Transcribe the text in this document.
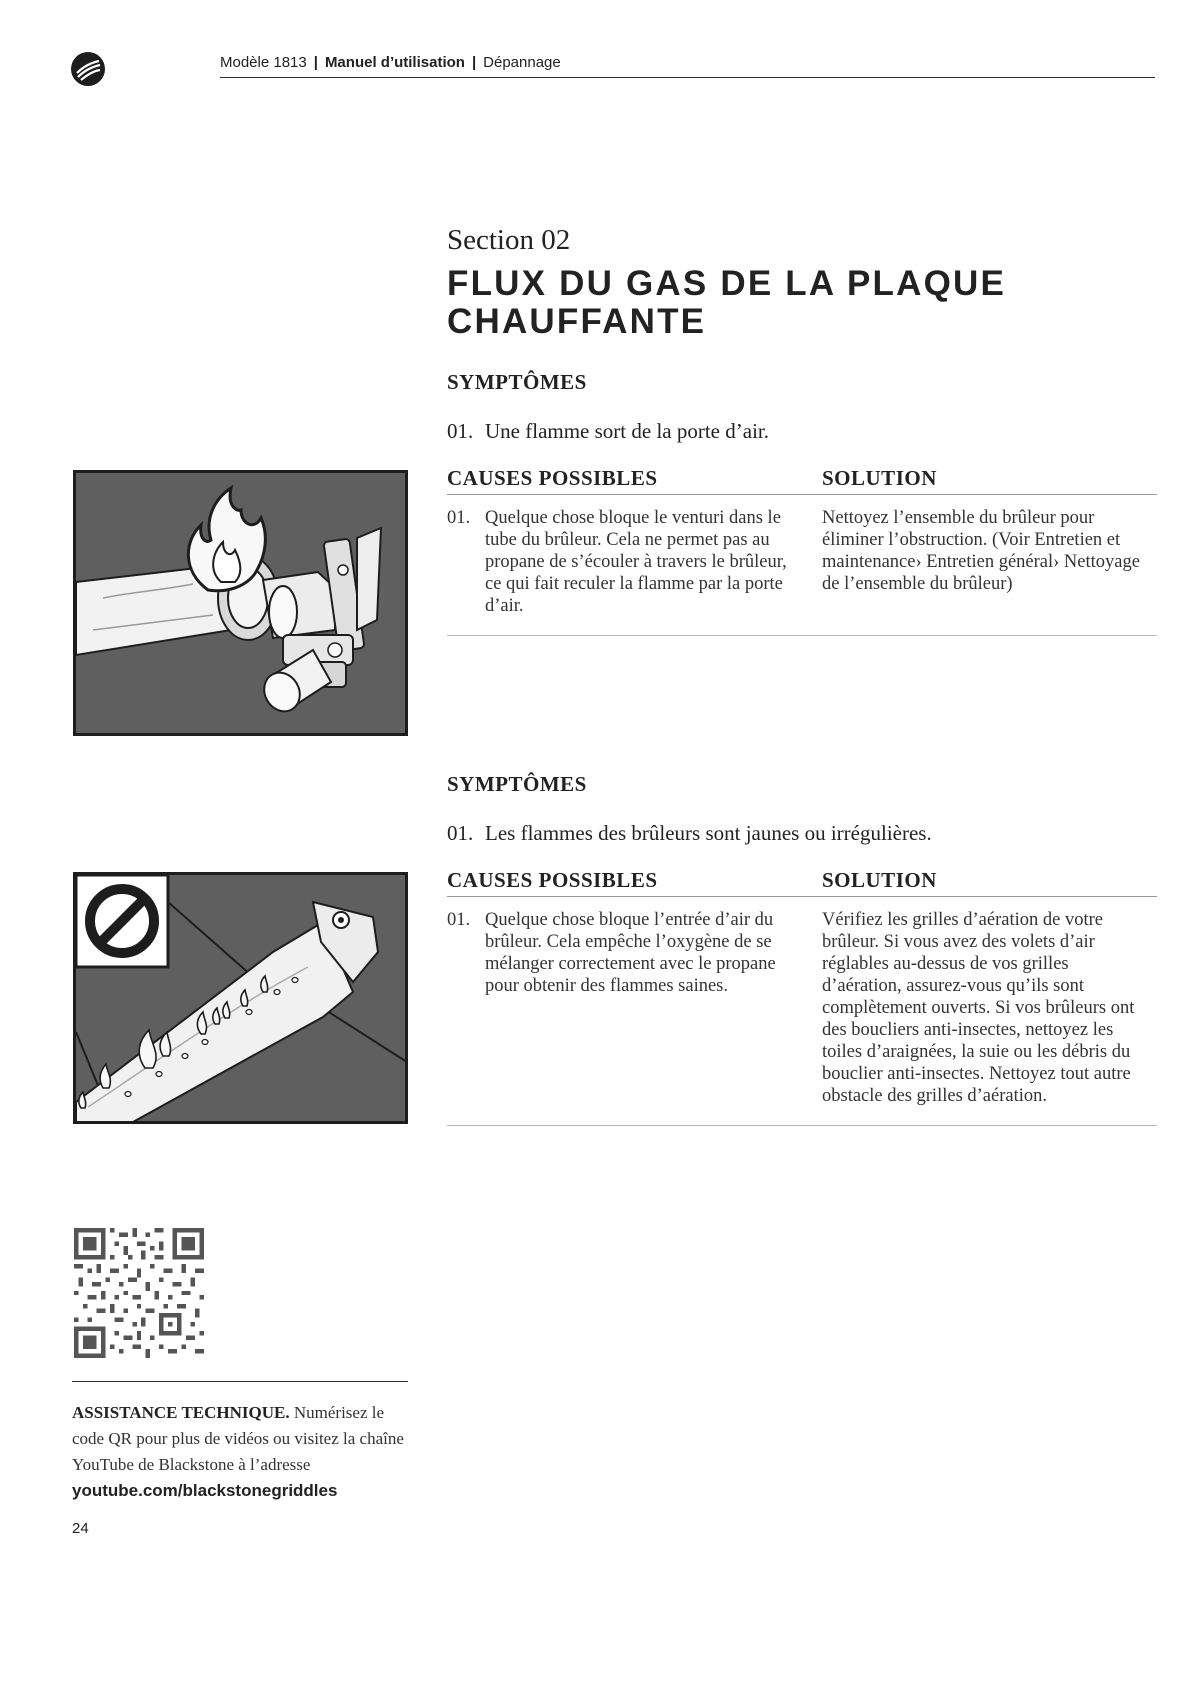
Modèle 1813 | Manuel d’utilisation | Dépannage
Section 02
FLUX DU GAS DE LA PLAQUE
CHAUFFANTE
SYMPTÔMES
01. Une flamme sort de la porte d’air.
CAUSES POSSIBLES	SOLUTION
01. Quelque chose bloque le venturi dans le tube du brûleur. Cela ne permet pas au propane de s’écouler à travers le brûleur, ce qui fait reculer la flamme par la porte d’air.
Nettoyez l’ensemble du brûleur pour éliminer l’obstruction. (Voir Entretien et maintenance› Entretien général› Nettoyage de l’ensemble du brûleur)
SYMPTÔMES
01. Les flammes des brûleurs sont jaunes ou irrégulières.
CAUSES POSSIBLES	SOLUTION
01. Quelque chose bloque l’entrée d’air du brûleur. Cela empêche l’oxygène de se mélanger correctement avec le propane pour obtenir des flammes saines.
Vérifiez les grilles d’aération de votre brûleur. Si vous avez des volets d’air réglables au-dessus de vos grilles d’aération, assurez-vous qu’ils sont complètement ouverts. Si vos brûleurs ont des boucliers anti-insectes, nettoyez les toiles d’araignées, la suie ou les débris du bouclier anti-insectes. Nettoyez tout autre obstacle des grilles d’aération.
ASSISTANCE TECHNIQUE. Numérisez le code QR pour plus de vidéos ou visitez la chaîne YouTube de Blackstone à l’adresse
youtube.com/blackstonegriddles
24
